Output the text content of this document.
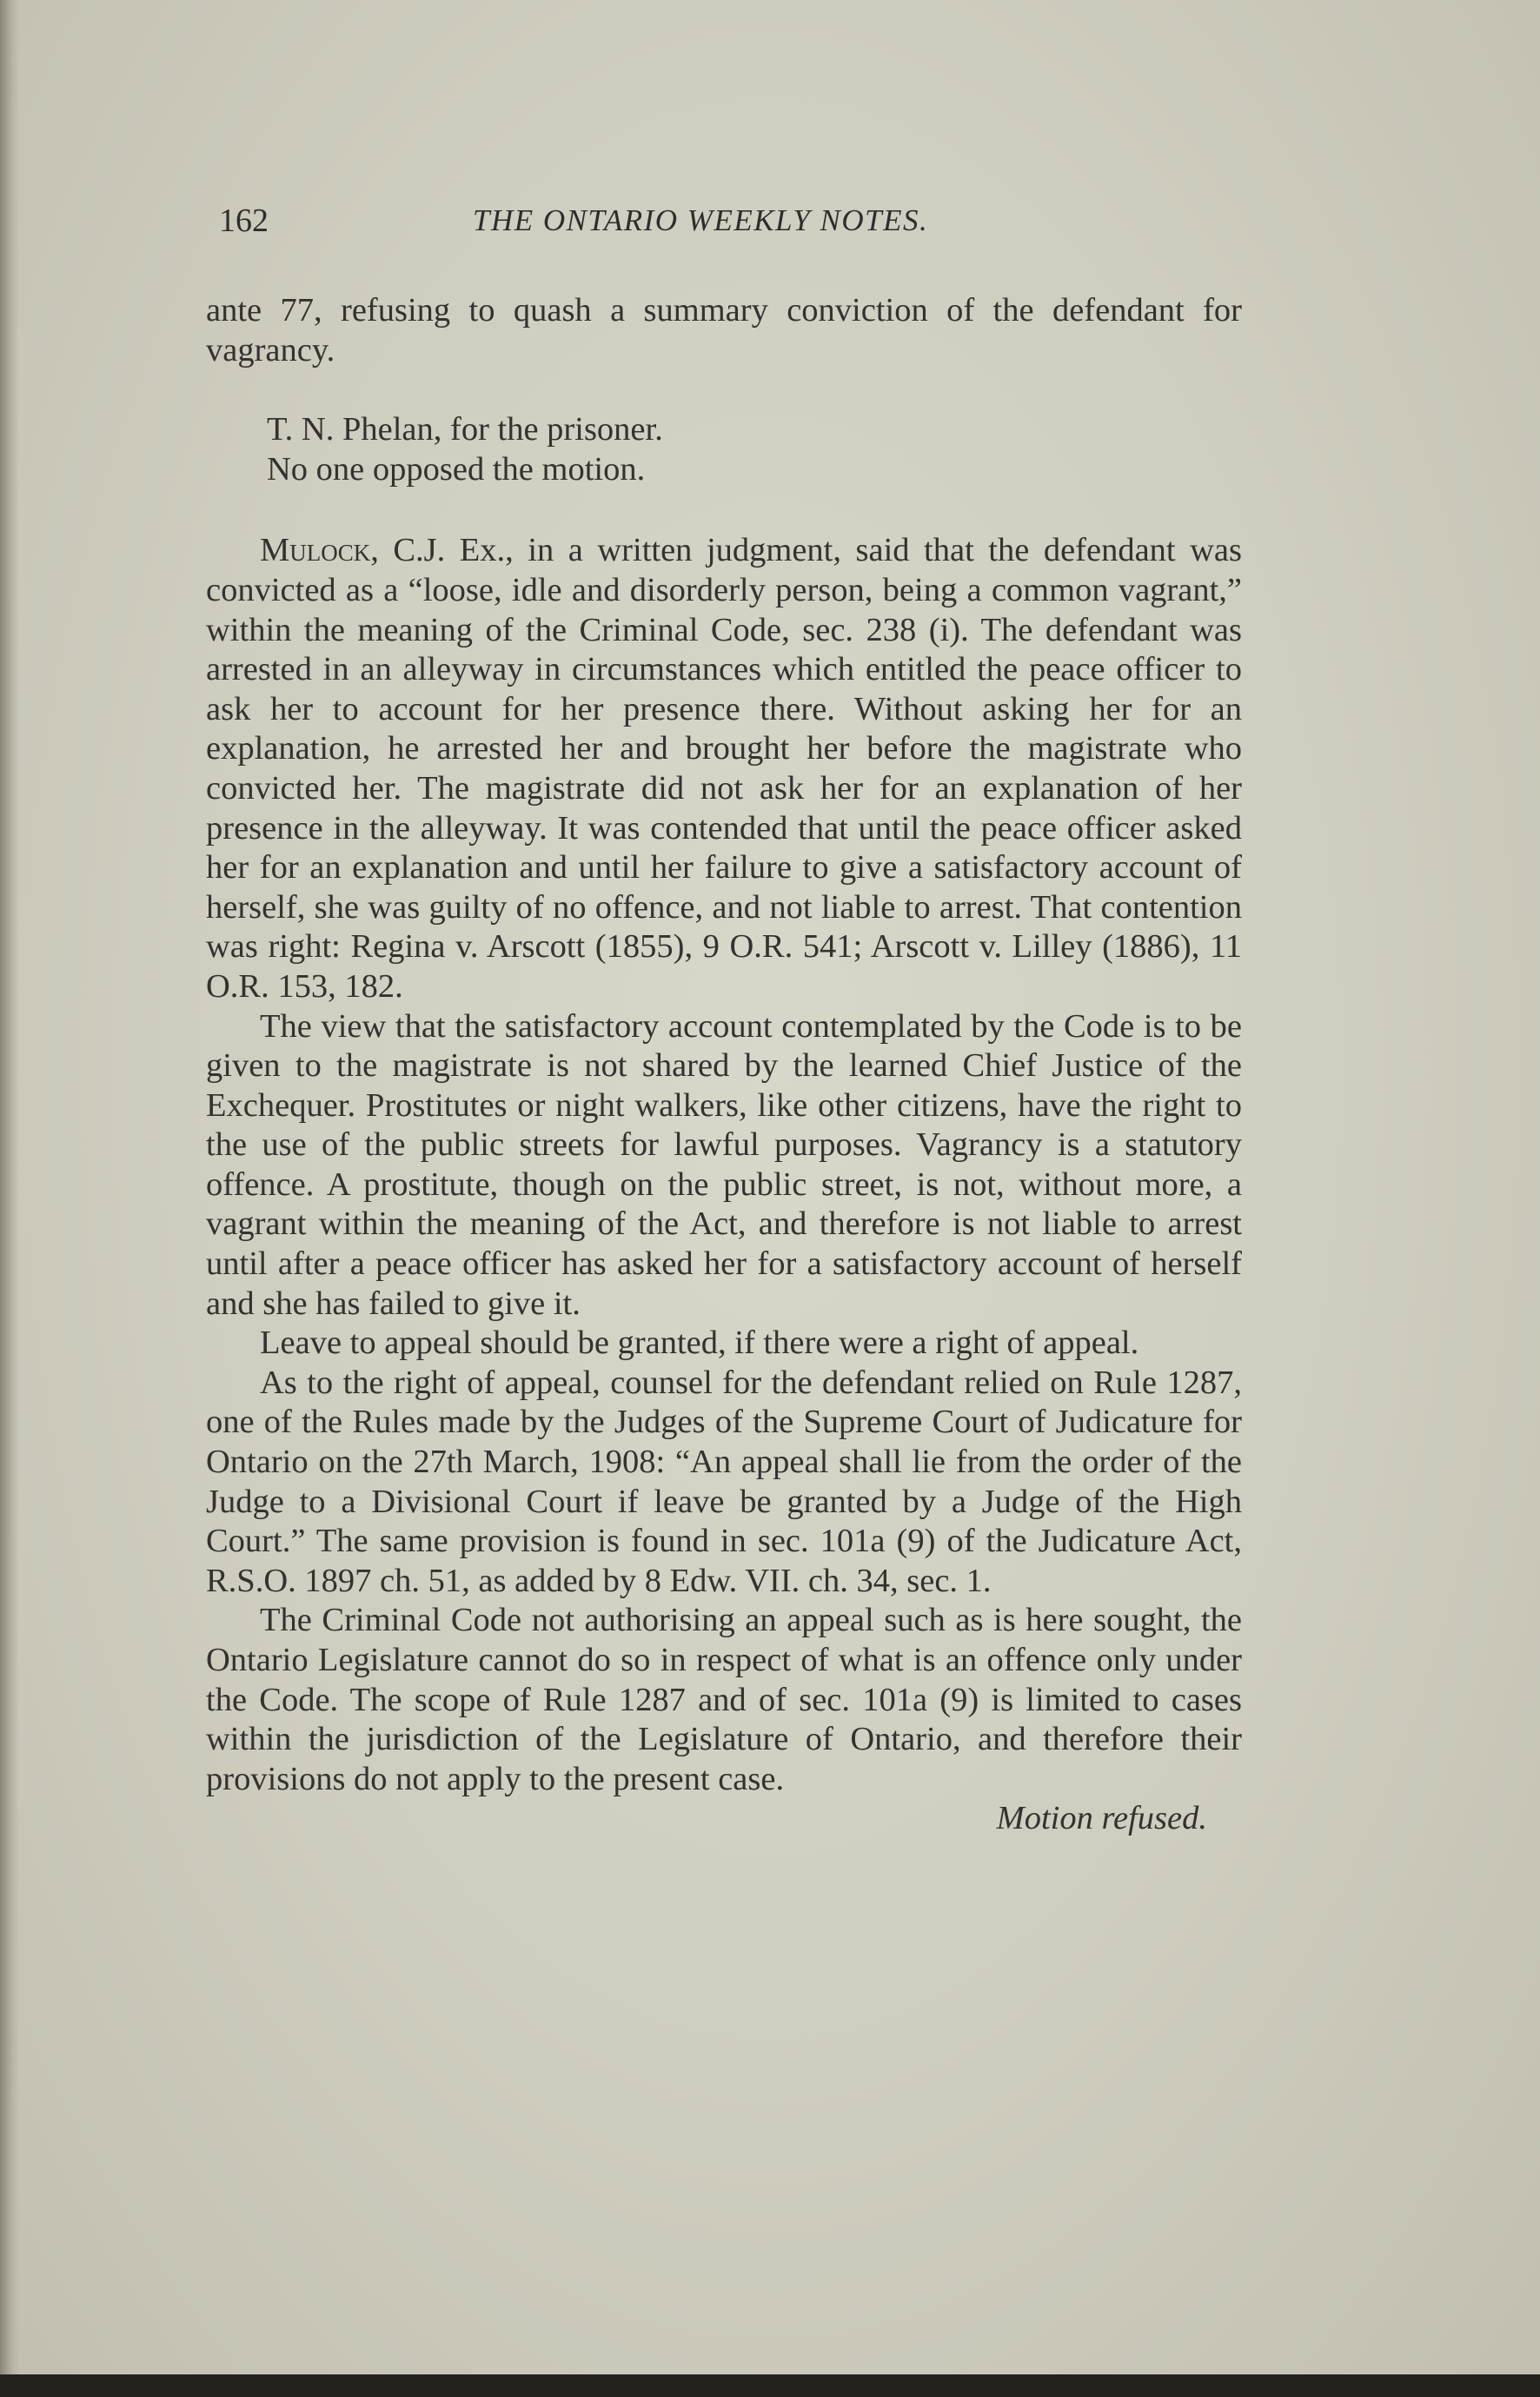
162	THE ONTARIO WEEKLY NOTES.

ante 77, refusing to quash a summary conviction of the defendant for vagrancy.

T. N. Phelan, for the prisoner.

No one opposed the motion.

Mulock, C.J. Ex., in a written judgment, said that the defendant was convicted as a “loose, idle and disorderly person, being a common vagrant,” within the meaning of the Criminal Code, sec. 238 (i). The defendant was arrested in an alleyway in circumstances which entitled the peace officer to ask her to account for her presence there. Without asking her for an explanation, he arrested her and brought her before the magistrate who convicted her. The magistrate did not ask her for an explanation of her presence in the alleyway. It was contended that until the peace officer asked her for an explanation and until her failure to give a satisfactory account of herself, she was guilty of no offence, and not liable to arrest. That contention was right: Regina v. Arscott (1855), 9 O.R. 541; Arscott v. Lilley (1886), 11 O.R. 153, 182.

The view that the satisfactory account contemplated by the Code is to be given to the magistrate is not shared by the learned Chief Justice of the Exchequer. Prostitutes or night walkers, like other citizens, have the right to the use of the public streets for lawful purposes. Vagrancy is a statutory offence. A prostitute, though on the public street, is not, without more, a vagrant within the meaning of the Act, and therefore is not liable to arrest until after a peace officer has asked her for a satisfactory account of herself and she has failed to give it.

Leave to appeal should be granted, if there were a right of appeal.

As to the right of appeal, counsel for the defendant relied on Rule 1287, one of the Rules made by the Judges of the Supreme Court of Judicature for Ontario on the 27th March, 1908: “An appeal shall lie from the order of the Judge to a Divisional Court if leave be granted by a Judge of the High Court.” The same provision is found in sec. 101a (9) of the Judicature Act, R.S.O. 1897 ch. 51, as added by 8 Edw. VII. ch. 34, sec. 1.

The Criminal Code not authorising an appeal such as is here sought, the Ontario Legislature cannot do so in respect of what is an offence only under the Code. The scope of Rule 1287 and of sec. 101a (9) is limited to cases within the jurisdiction of the Legislature of Ontario, and therefore their provisions do not apply to the present case.

Motion refused.
